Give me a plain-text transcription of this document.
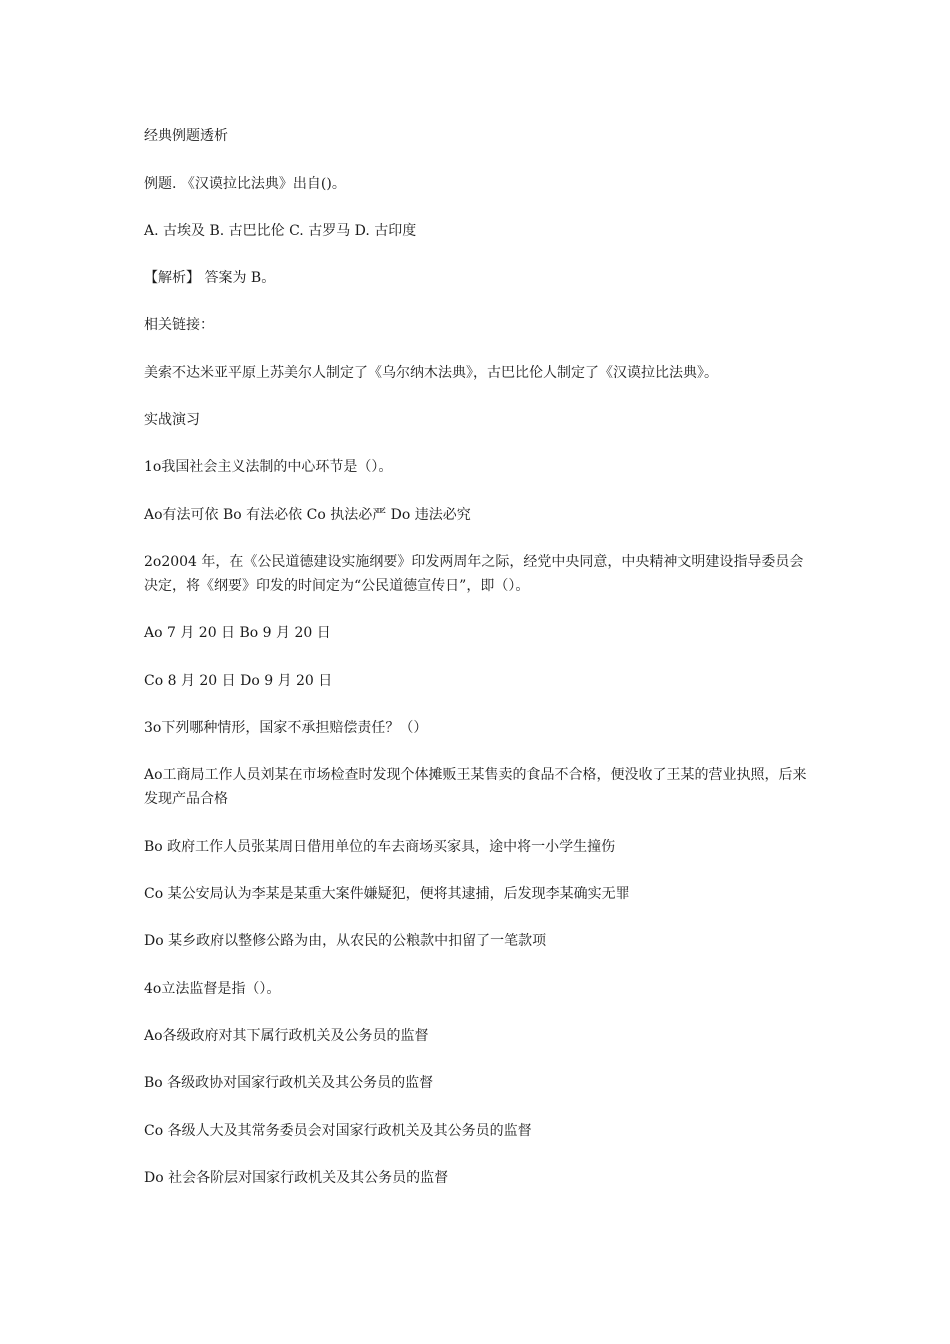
经典例题透析
例题. 《汉谟拉比法典》出自()。
A. 古埃及 B. 古巴比伦 C. 古罗马 D. 古印度
【解析】 答案为 B。
相关链接：
美索不达米亚平原上苏美尔人制定了《乌尔纳木法典》，古巴比伦人制定了《汉谟拉比法典》。
实战演习
1o我国社会主义法制的中心环节是（）。
Ao有法可依 Bo 有法必依 Co 执法必严 Do 违法必究
2o2004 年，在《公民道德建设实施纲要》印发两周年之际，经党中央同意，中央精神文明建设指导委员会决定，将《纲要》印发的时间定为“公民道德宣传日”，即（）。
Ao 7 月 20 日 Bo 9 月 20 日
Co 8 月 20 日 Do 9 月 20 日
3o下列哪种情形，国家不承担赔偿责任？（）
Ao工商局工作人员刘某在市场检查时发现个体摊贩王某售卖的食品不合格，便没收了王某的营业执照，后来发现产品合格
Bo 政府工作人员张某周日借用单位的车去商场买家具，途中将一小学生撞伤
Co 某公安局认为李某是某重大案件嫌疑犯，便将其逮捕，后发现李某确实无罪
Do 某乡政府以整修公路为由，从农民的公粮款中扣留了一笔款项
4o立法监督是指（）。
Ao各级政府对其下属行政机关及公务员的监督
Bo 各级政协对国家行政机关及其公务员的监督
Co 各级人大及其常务委员会对国家行政机关及其公务员的监督
Do 社会各阶层对国家行政机关及其公务员的监督
